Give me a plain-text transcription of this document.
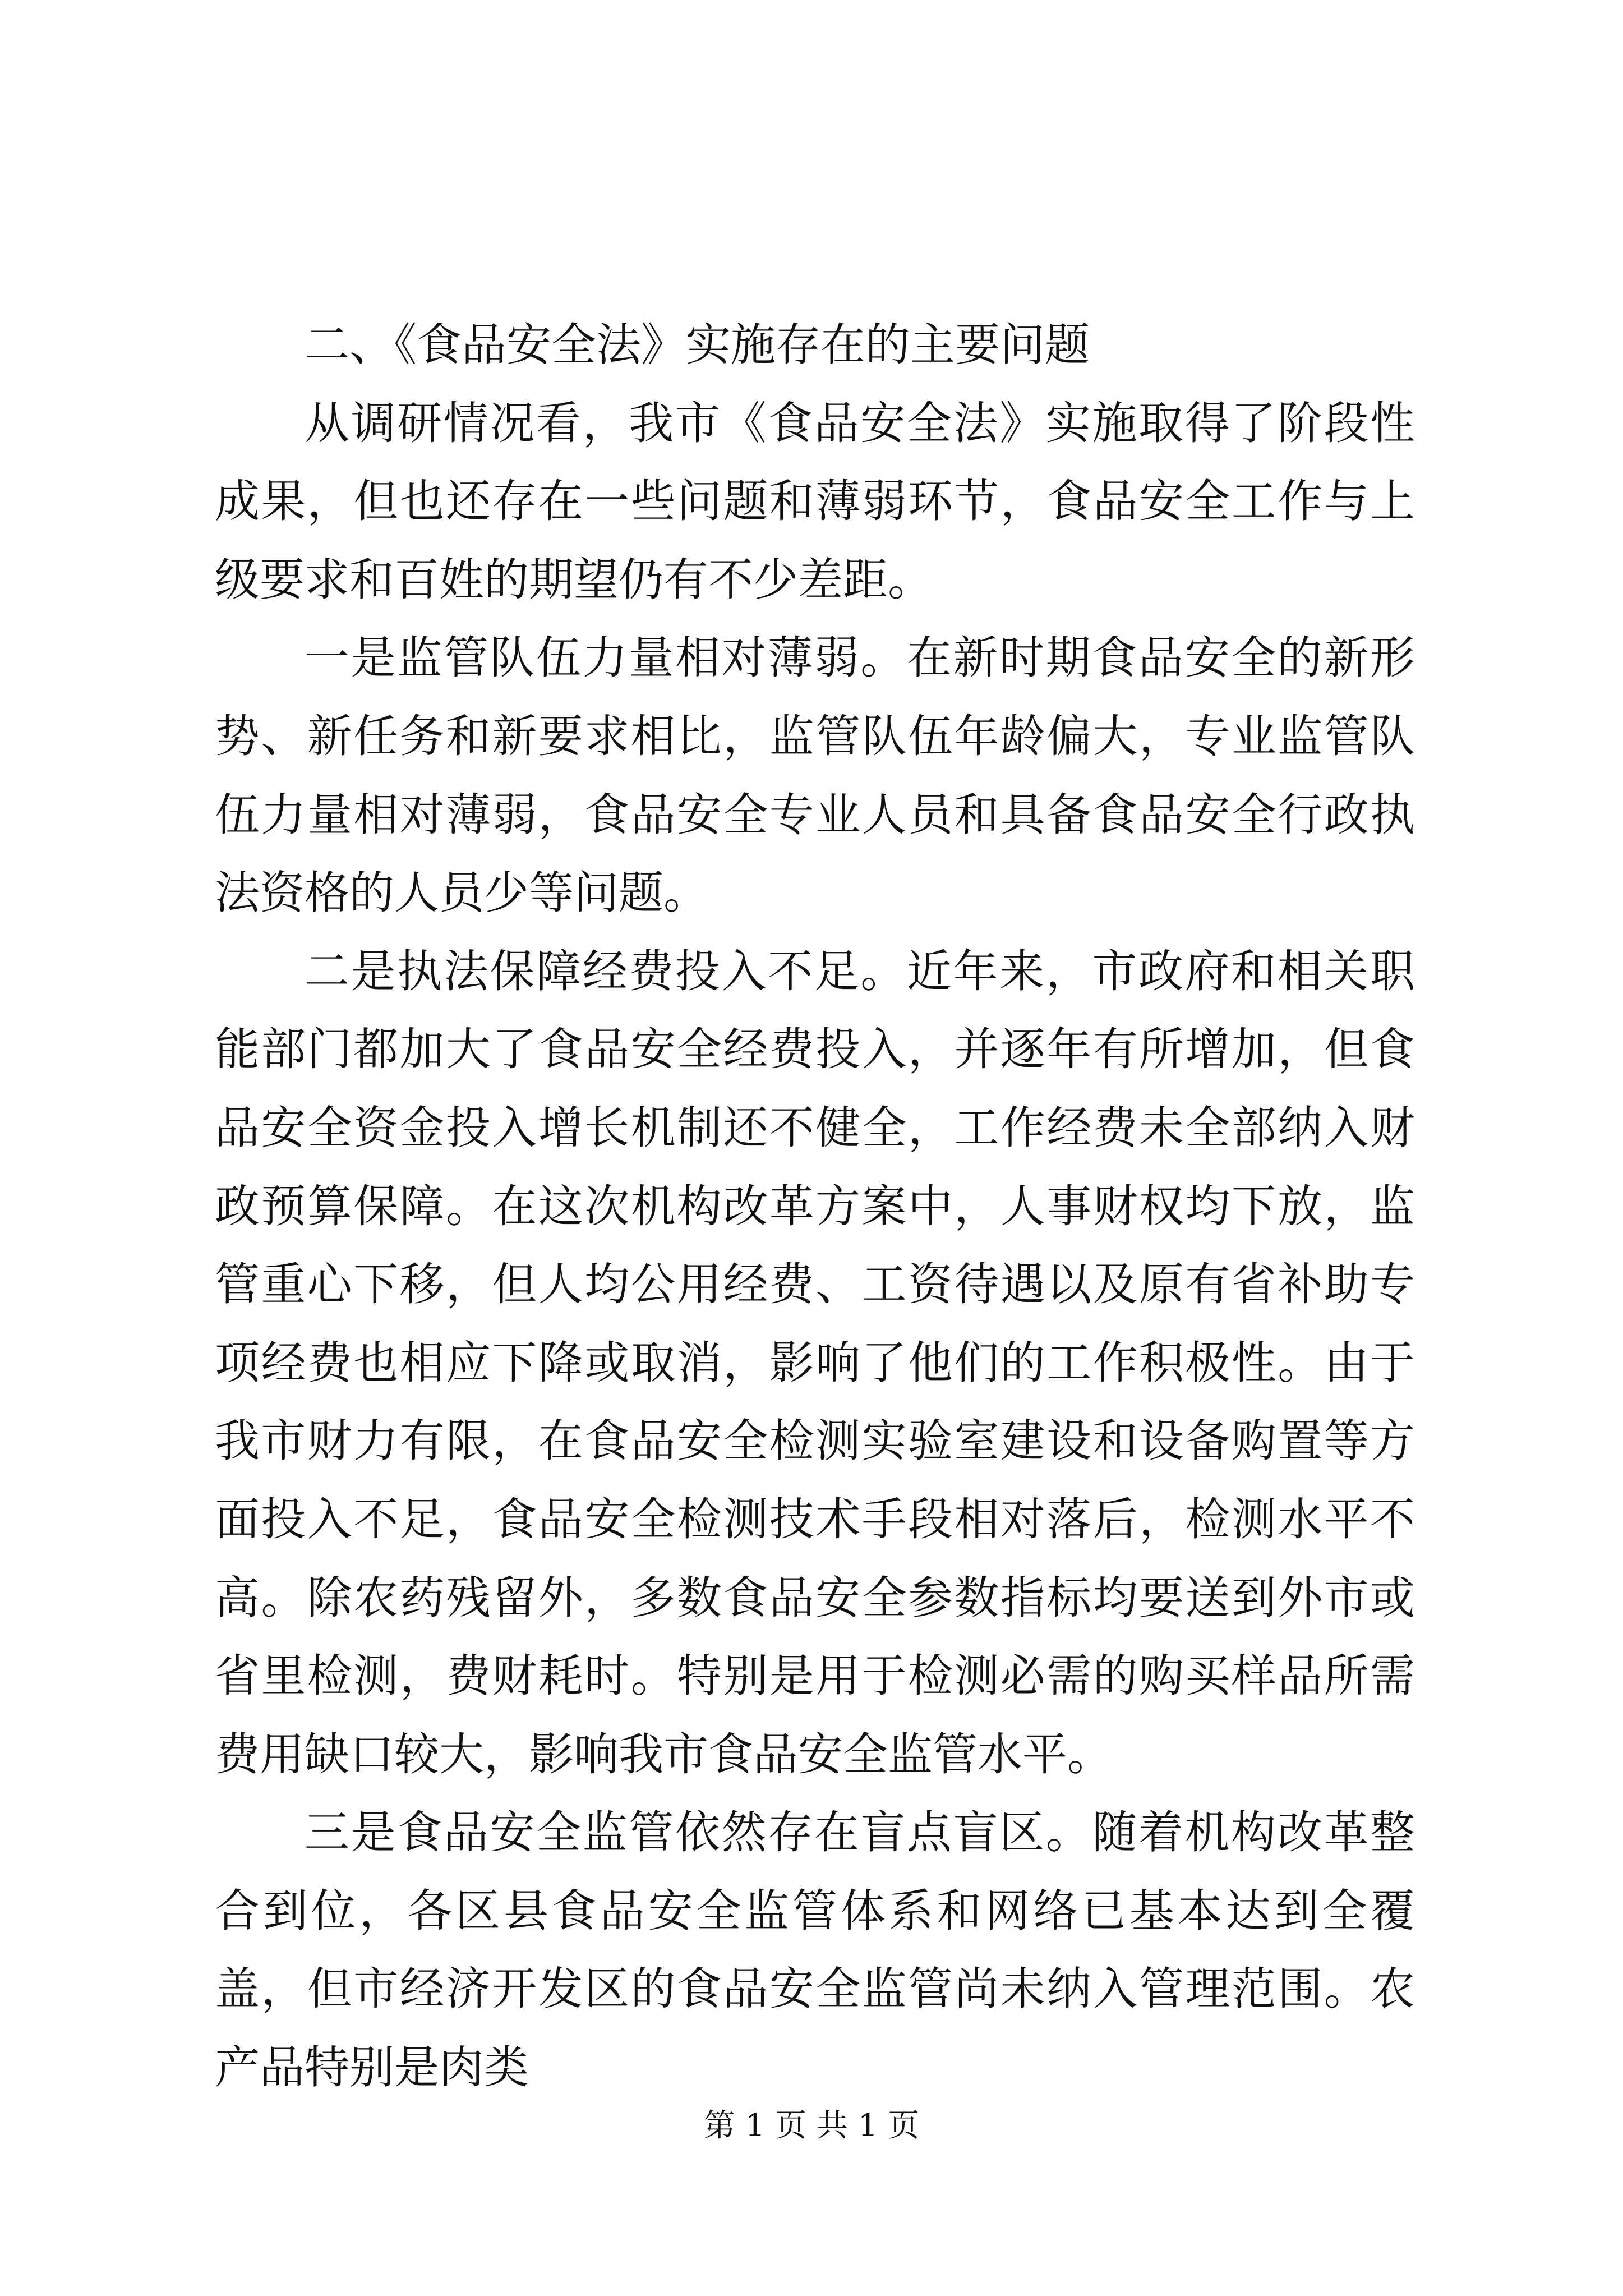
二、《食品安全法》实施存在的主要问题

从调研情况看，我市《食品安全法》实施取得了阶段性成果，但也还存在一些问题和薄弱环节，食品安全工作与上级要求和百姓的期望仍有不少差距。

一是监管队伍力量相对薄弱。在新时期食品安全的新形势、新任务和新要求相比，监管队伍年龄偏大，专业监管队伍力量相对薄弱，食品安全专业人员和具备食品安全行政执法资格的人员少等问题。

二是执法保障经费投入不足。近年来，市政府和相关职能部门都加大了食品安全经费投入，并逐年有所增加，但食品安全资金投入增长机制还不健全，工作经费未全部纳入财政预算保障。在这次机构改革方案中，人事财权均下放，监管重心下移，但人均公用经费、工资待遇以及原有省补助专项经费也相应下降或取消，影响了他们的工作积极性。由于我市财力有限，在食品安全检测实验室建设和设备购置等方面投入不足，食品安全检测技术手段相对落后，检测水平不高。除农药残留外，多数食品安全参数指标均要送到外市或省里检测，费财耗时。特别是用于检测必需的购买样品所需费用缺口较大，影响我市食品安全监管水平。

三是食品安全监管依然存在盲点盲区。随着机构改革整合到位，各区县食品安全监管体系和网络已基本达到全覆盖，但市经济开发区的食品安全监管尚未纳入管理范围。农产品特别是肉类

第 1 页 共 1 页
